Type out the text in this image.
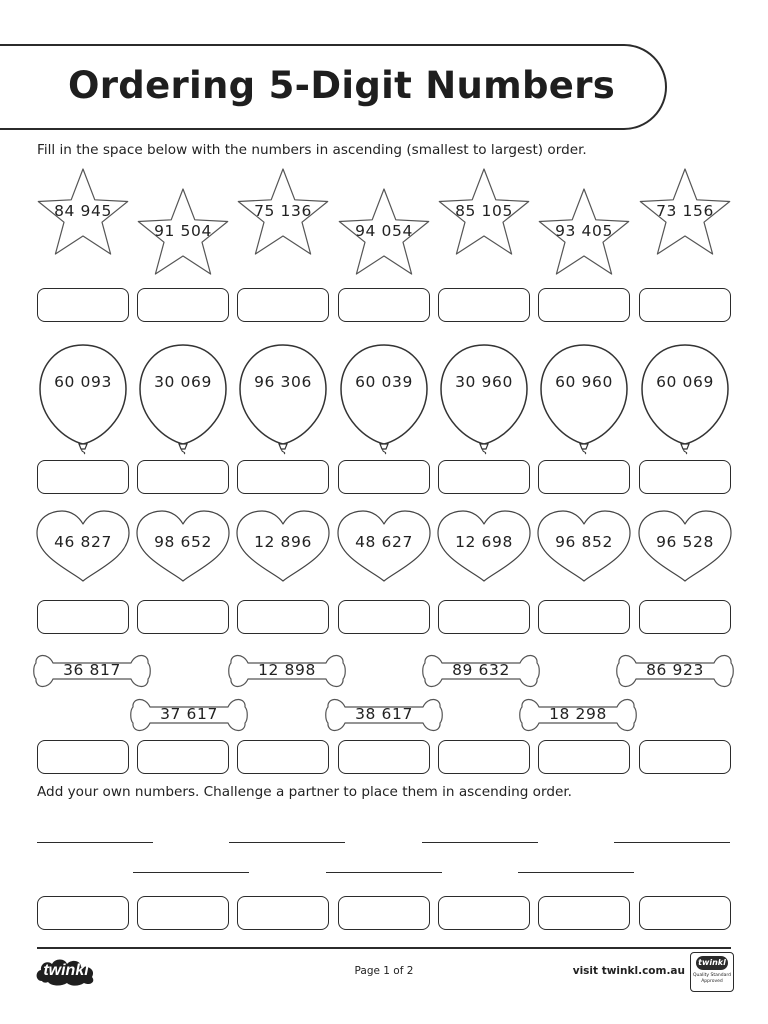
Ordering 5-Digit Numbers
Fill in the space below with the numbers in ascending (smallest to largest) order.
84 945
91 504
75 136
94 054
85 105
93 405
73 156
60 093	30 069	96 306	60 039	30 960	60 960	60 069
46 827	98 652	12 896	48 627	12 698	96 852	96 528
36 817	12 898	89 632	86 923
37 617	38 617	18 298
Add your own numbers. Challenge a partner to place them in ascending order.
twinkl	Page 1 of 2	visit twinkl.com.au
twinkl
Quality Standard Approved
